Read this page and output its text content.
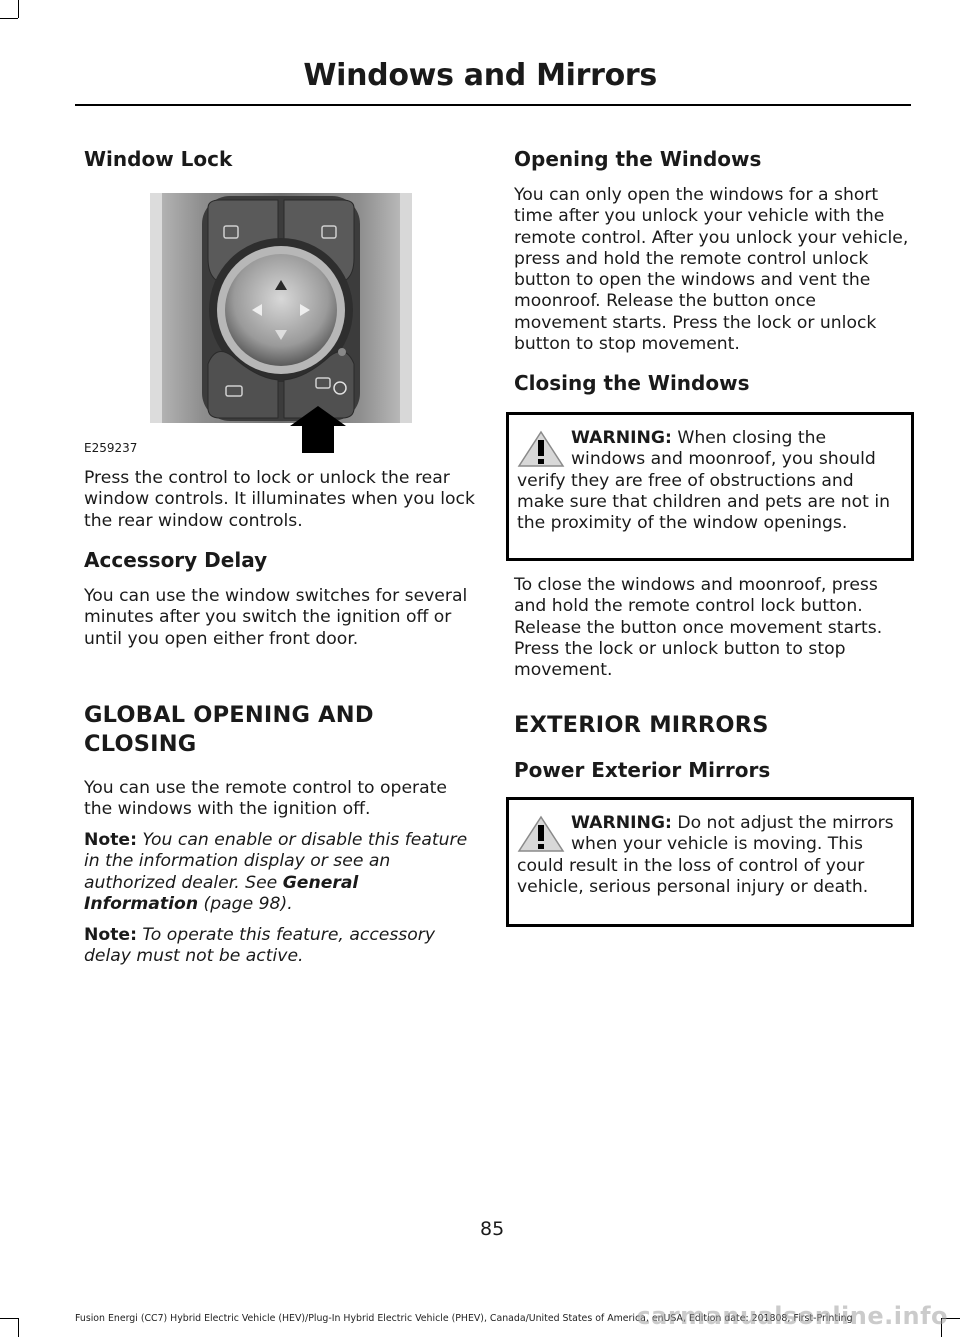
Windows and Mirrors
Window Lock
E259237

Press the control to lock or unlock the rear window controls. It illuminates when you lock the rear window controls.

Accessory Delay

You can use the window switches for several minutes after you switch the ignition off or until you open either front door.

GLOBAL OPENING AND
CLOSING

You can use the remote control to operate the windows with the ignition off.

Note: You can enable or disable this feature in the information display or see an authorized dealer. See General Information (page 98).

Note: To operate this feature, accessory delay must not be active.

Opening the Windows

You can only open the windows for a short time after you unlock your vehicle with the remote control. After you unlock your vehicle, press and hold the remote control unlock button to open the windows and vent the moonroof. Release the button once movement starts. Press the lock or unlock button to stop movement.

Closing the Windows

WARNING: When closing the windows and moonroof, you should verify they are free of obstructions and make sure that children and pets are not in the proximity of the window openings.

To close the windows and moonroof, press and hold the remote control lock button. Release the button once movement starts. Press the lock or unlock button to stop movement.

EXTERIOR MIRRORS
Power Exterior Mirrors

WARNING: Do not adjust the mirrors when your vehicle is moving. This could result in the loss of control of your vehicle, serious personal injury or death.

85
Fusion Energi (CC7) Hybrid Electric Vehicle (HEV)/Plug-In Hybrid Electric Vehicle (PHEV), Canada/United States of America, enUSA, Edition date: 201808, First-Printing
carmanualsonline.info
